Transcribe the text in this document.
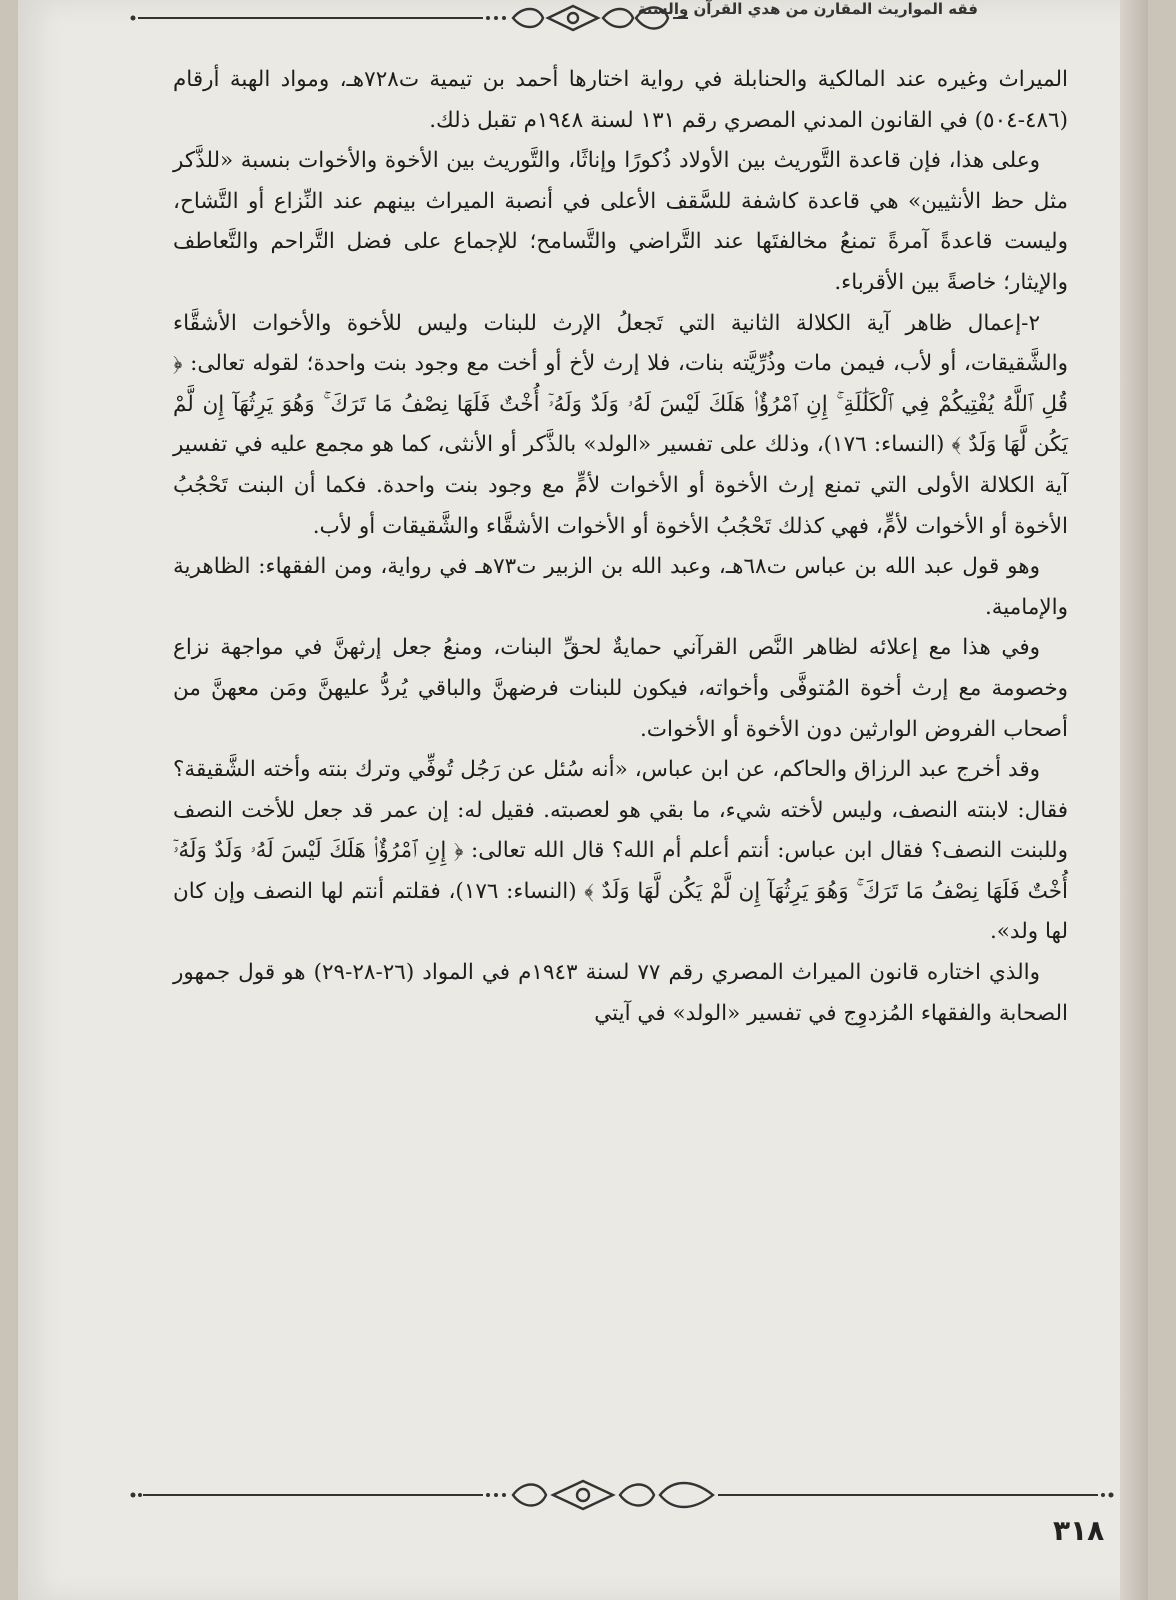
فقه المواريث المقارن من هدي القرآن والسنة

الميراث وغيره عند المالكية والحنابلة في رواية اختارها أحمد بن تيمية ت٧٢٨هـ، ومواد الهبة أرقام (٤٨٦-٥٠٤) في القانون المدني المصري رقم ١٣١ لسنة ١٩٤٨م تقبل ذلك.

وعلى هذا، فإن قاعدة التَّوريث بين الأولاد ذُكورًا وإناثًا، والتَّوريث بين الأخوة والأخوات بنسبة «للذَّكر مثل حظ الأنثيين» هي قاعدة كاشفة للسَّقف الأعلى في أنصبة الميراث بينهم عند النِّزاع أو التَّشاح، وليست قاعدةً آمرةً تمنعُ مخالفتَها عند التَّراضي والتَّسامح؛ للإجماع على فضل التَّراحم والتَّعاطف والإيثار؛ خاصةً بين الأقرباء.

٢-إعمال ظاهر آية الكلالة الثانية التي تَجعلُ الإرث للبنات وليس للأخوة والأخوات الأشقَّاء والشَّقيقات، أو لأب، فيمن مات وذُرِّيَّته بنات، فلا إرث لأخ أو أخت مع وجود بنت واحدة؛ لقوله تعالى: ﴿ قُلِ ٱللَّهُ يُفْتِيكُمْ فِي ٱلْكَلَٰلَةِ ۚ إِنِ ٱمْرُؤٌا۟ هَلَكَ لَيْسَ لَهُۥ وَلَدٌ وَلَهُۥٓ أُخْتٌ فَلَهَا نِصْفُ مَا تَرَكَ ۚ وَهُوَ يَرِثُهَآ إِن لَّمْ يَكُن لَّهَا وَلَدٌ ﴾ (النساء: ١٧٦)، وذلك على تفسير «الولد» بالذَّكر أو الأنثى، كما هو مجمع عليه في تفسير آية الكلالة الأولى التي تمنع إرث الأخوة أو الأخوات لأمٍّ مع وجود بنت واحدة. فكما أن البنت تَحْجُبُ الأخوة أو الأخوات لأمٍّ، فهي كذلك تَحْجُبُ الأخوة أو الأخوات الأشقَّاء والشَّقيقات أو لأب.

وهو قول عبد الله بن عباس ت٦٨هـ، وعبد الله بن الزبير ت٧٣هـ في رواية، ومن الفقهاء: الظاهرية والإمامية.

وفي هذا مع إعلائه لظاهر النَّص القرآني حمايةٌ لحقِّ البنات، ومنعُ جعل إرثهنَّ في مواجهة نزاع وخصومة مع إرث أخوة المُتوفَّى وأخواته، فيكون للبنات فرضهنَّ والباقي يُردُّ عليهنَّ ومَن معهنَّ من أصحاب الفروض الوارثين دون الأخوة أو الأخوات.

وقد أخرج عبد الرزاق والحاكم، عن ابن عباس، «أنه سُئل عن رَجُل تُوفِّي وترك بنته وأخته الشَّقيقة؟ فقال: لابنته النصف، وليس لأخته شيء، ما بقي هو لعصبته. فقيل له: إن عمر قد جعل للأخت النصف وللبنت النصف؟ فقال ابن عباس: أنتم أعلم أم الله؟ قال الله تعالى: ﴿ إِنِ ٱمْرُؤٌا۟ هَلَكَ لَيْسَ لَهُۥ وَلَدٌ وَلَهُۥٓ أُخْتٌ فَلَهَا نِصْفُ مَا تَرَكَ ۚ وَهُوَ يَرِثُهَآ إِن لَّمْ يَكُن لَّهَا وَلَدٌ ﴾ (النساء: ١٧٦)، فقلتم أنتم لها النصف وإن كان لها ولد».

والذي اختاره قانون الميراث المصري رقم ٧٧ لسنة ١٩٤٣م في المواد (٢٦-٢٨-٢٩) هو قول جمهور الصحابة والفقهاء المُزدوِج في تفسير «الولد» في آيتي

٣١٨
